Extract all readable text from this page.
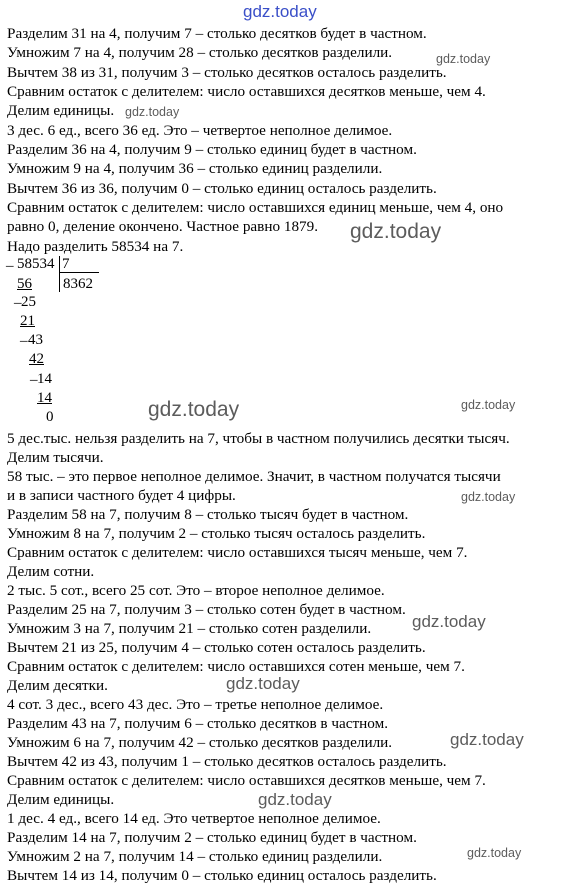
gdz.today
gdz.today
gdz.today
gdz.today
gdz.today	gdz.today
gdz.today
gdz.today
gdz.today
gdz.today
gdz.today
gdz.today
Разделим 31 на 4, получим 7 – столько десятков будет в частном.
Умножим 7 на 4, получим 28 – столько десятков разделили.
Вычтем 38 из 31, получим 3 – столько десятков осталось разделить.
Сравним остаток с делителем: число оставшихся десятков меньше, чем 4.
Делим единицы.
3 дес. 6 ед., всего 36 ед. Это – четвертое неполное делимое.
Разделим 36 на 4, получим 9 – столько единиц будет в частном.
Умножим 9 на 4, получим 36 – столько единиц разделили.
Вычтем 36 из 36, получим 0 – столько единиц осталось разделить.
Сравним остаток с делителем: число оставшихся единиц меньше, чем 4, оно
равно 0, деление окончено. Частное равно 1879.
Надо разделить 58534 на 7.
_ 58534 7
8362
56
_ 25
21
_ 43
42
_ 14
14
0
5 дес.тыс. нельзя разделить на 7, чтобы в частном получились десятки тысяч.
Делим тысячи.
58 тыс. – это первое неполное делимое. Значит, в частном получатся тысячи
и в записи частного будет 4 цифры.
Разделим 58 на 7, получим 8 – столько тысяч будет в частном.
Умножим 8 на 7, получим 2 – столько тысяч осталось разделить.
Сравним остаток с делителем: число оставшихся тысяч меньше, чем 7.
Делим сотни.
2 тыс. 5 сот., всего 25 сот. Это – второе неполное делимое.
Разделим 25 на 7, получим 3 – столько сотен будет в частном.
Умножим 3 на 7, получим 21 – столько сотен разделили.
Вычтем 21 из 25, получим 4 – столько сотен осталось разделить.
Сравним остаток с делителем: число оставшихся сотен меньше, чем 7.
Делим десятки.
4 сот. 3 дес., всего 43 дес. Это – третье неполное делимое.
Разделим 43 на 7, получим 6 – столько десятков в частном.
Умножим 6 на 7, получим 42 – столько десятков разделили.
Вычтем 42 из 43, получим 1 – столько десятков осталось разделить.
Сравним остаток с делителем: число оставшихся десятков меньше, чем 7.
Делим единицы.
1 дес. 4 ед., всего 14 ед. Это четвертое неполное делимое.
Разделим 14 на 7, получим 2 – столько единиц будет в частном.
Умножим 2 на 7, получим 14 – столько единиц разделили.
Вычтем 14 из 14, получим 0 – столько единиц осталось разделить.
